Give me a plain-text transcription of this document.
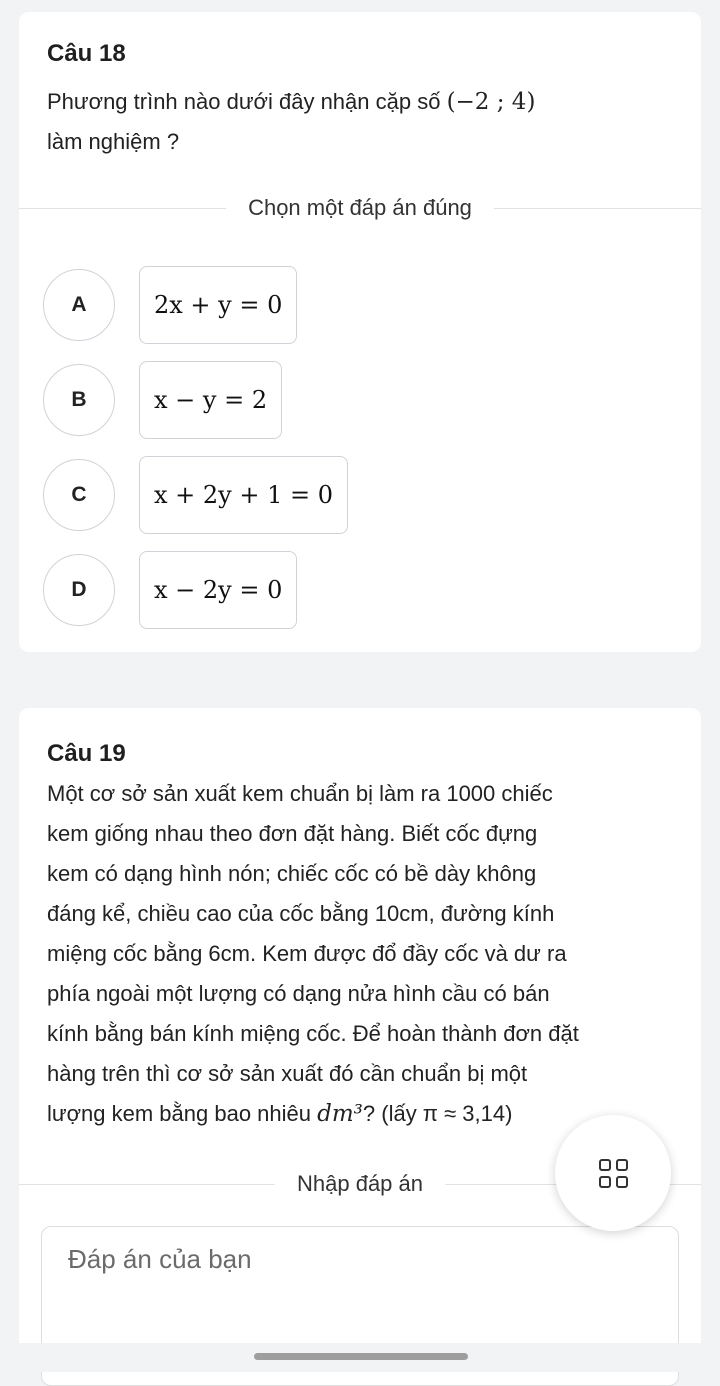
Câu 18
Phương trình nào dưới đây nhận cặp số (−2 ; 4)
làm nghiệm ?
Chọn một đáp án đúng
A	2x + y = 0
B	x − y = 2
C	x + 2y + 1 = 0
D	x − 2y = 0
Câu 19
Một cơ sở sản xuất kem chuẩn bị làm ra 1000 chiếc
kem giống nhau theo đơn đặt hàng. Biết cốc đựng
kem có dạng hình nón; chiếc cốc có bề dày không
đáng kể, chiều cao của cốc bằng 10cm, đường kính
miệng cốc bằng 6cm. Kem được đổ đầy cốc và dư ra
phía ngoài một lượng có dạng nửa hình cầu có bán
kính bằng bán kính miệng cốc. Để hoàn thành đơn đặt
hàng trên thì cơ sở sản xuất đó cần chuẩn bị một
lượng kem bằng bao nhiêu dm³? (lấy π ≈ 3,14)
Nhập đáp án
Đáp án của bạn
